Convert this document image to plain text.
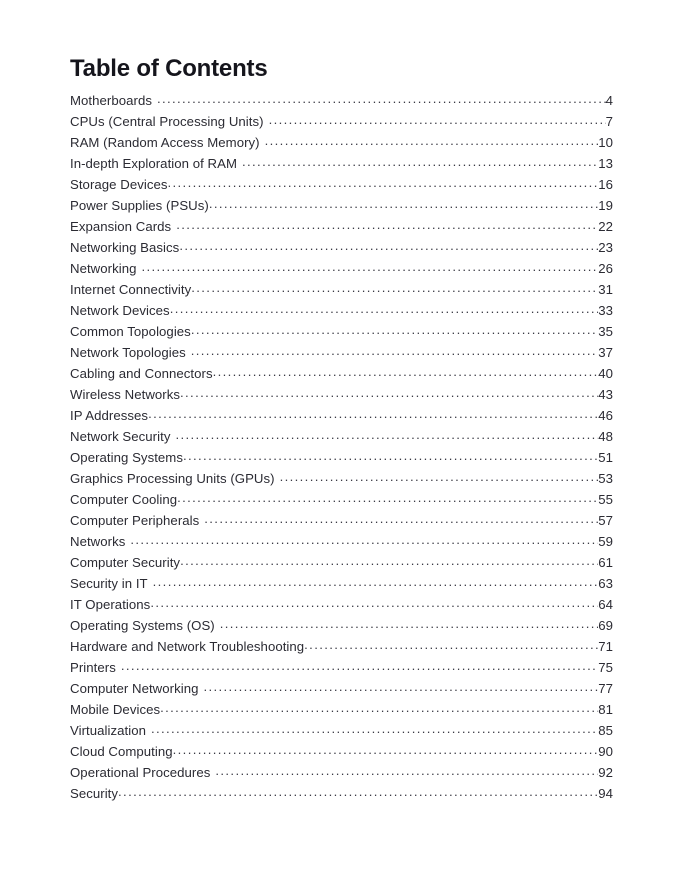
Table of Contents
Motherboards .....	4
CPUs (Central Processing Units) .....	7
RAM (Random Access Memory) .....	10
In-depth Exploration of RAM .....	13
Storage Devices .....	16
Power Supplies (PSUs) .....	19
Expansion Cards .....	22
Networking Basics .....	23
Networking .....	26
Internet Connectivity .....	31
Network Devices .....	33
Common Topologies .....	35
Network Topologies .....	37
Cabling and Connectors .....	40
Wireless Networks .....	43
IP Addresses .....	46
Network Security .....	48
Operating Systems .....	51
Graphics Processing Units (GPUs) .....	53
Computer Cooling .....	55
Computer Peripherals .....	57
Networks .....	59
Computer Security .....	61
Security in IT .....	63
IT Operations .....	64
Operating Systems (OS) .....	69
Hardware and Network Troubleshooting .....	71
Printers .....	75
Computer Networking .....	77
Mobile Devices .....	81
Virtualization .....	85
Cloud Computing .....	90
Operational Procedures .....	92
Security .....	94
